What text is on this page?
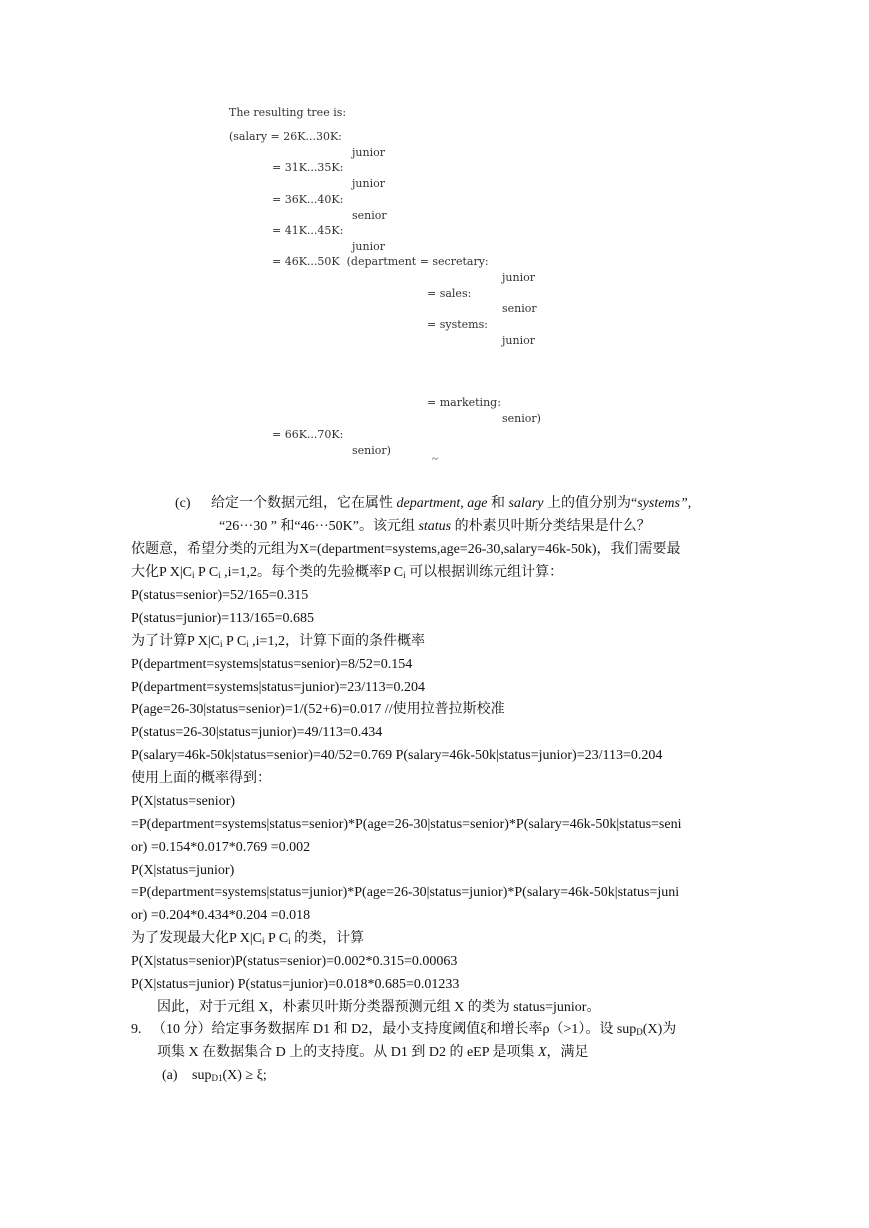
The resulting tree is:
(salary = 26K...30K:
junior
= 31K...35K:
junior
= 36K...40K:
senior
= 41K...45K:
junior
= 46K...50K  (department = secretary:
junior
= sales:
senior
= systems:
junior
= marketing:
senior)
= 66K...70K:
senior)
~
(c) 给定一个数据元组，它在属性 department, age 和 salary 上的值分别为“systems”,
“26···30 ” 和“46···50K”。该元组 status 的朴素贝叶斯分类结果是什么？
依题意，希望分类的元组为X=(department=systems,age=26-30,salary=46k-50k)，我们需要最
大化P $X|C_i$ P $C_i$ ,i=1,2。每个类的先验概率P $C_i$ 可以根据训练元组计算：
P(status=senior)=52/165=0.315
P(status=junior)=113/165=0.685
为了计算P $X|C_i$ P $C_i$ ,i=1,2，计算下面的条件概率
P(department=systems|status=senior)=8/52=0.154
P(department=systems|status=junior)=23/113=0.204
P(age=26-30|status=senior)=1/(52+6)=0.017 //使用拉普拉斯校准
P(status=26-30|status=junior)=49/113=0.434
P(salary=46k-50k|status=senior)=40/52=0.769 P(salary=46k-50k|status=junior)=23/113=0.204
使用上面的概率得到：
P(X|status=senior)
=P(department=systems|status=senior)*P(age=26-30|status=senior)*P(salary=46k-50k|status=seni
or) =0.154*0.017*0.769 =0.002
P(X|status=junior)
=P(department=systems|status=junior)*P(age=26-30|status=junior)*P(salary=46k-50k|status=juni
or) =0.204*0.434*0.204 =0.018
为了发现最大化P $X|C_i$ P $C_i$ 的类，计算
P(X|status=senior)P(status=senior)=0.002*0.315=0.00063
P(X|status=junior) P(status=junior)=0.018*0.685=0.01233
因此，对于元组 X，朴素贝叶斯分类器预测元组 X 的类为 status=junior。
9. （10 分）给定事务数据库 D1 和 D2，最小支持度阈值ξ和增长率ρ（>1）。设 sup$_D$(X)为
项集 X 在数据集合 D 上的支持度。从 D1 到 D2 的 eEP 是项集 X，满足
(a) sup$_{D1}$(X) ≥ ξ;
